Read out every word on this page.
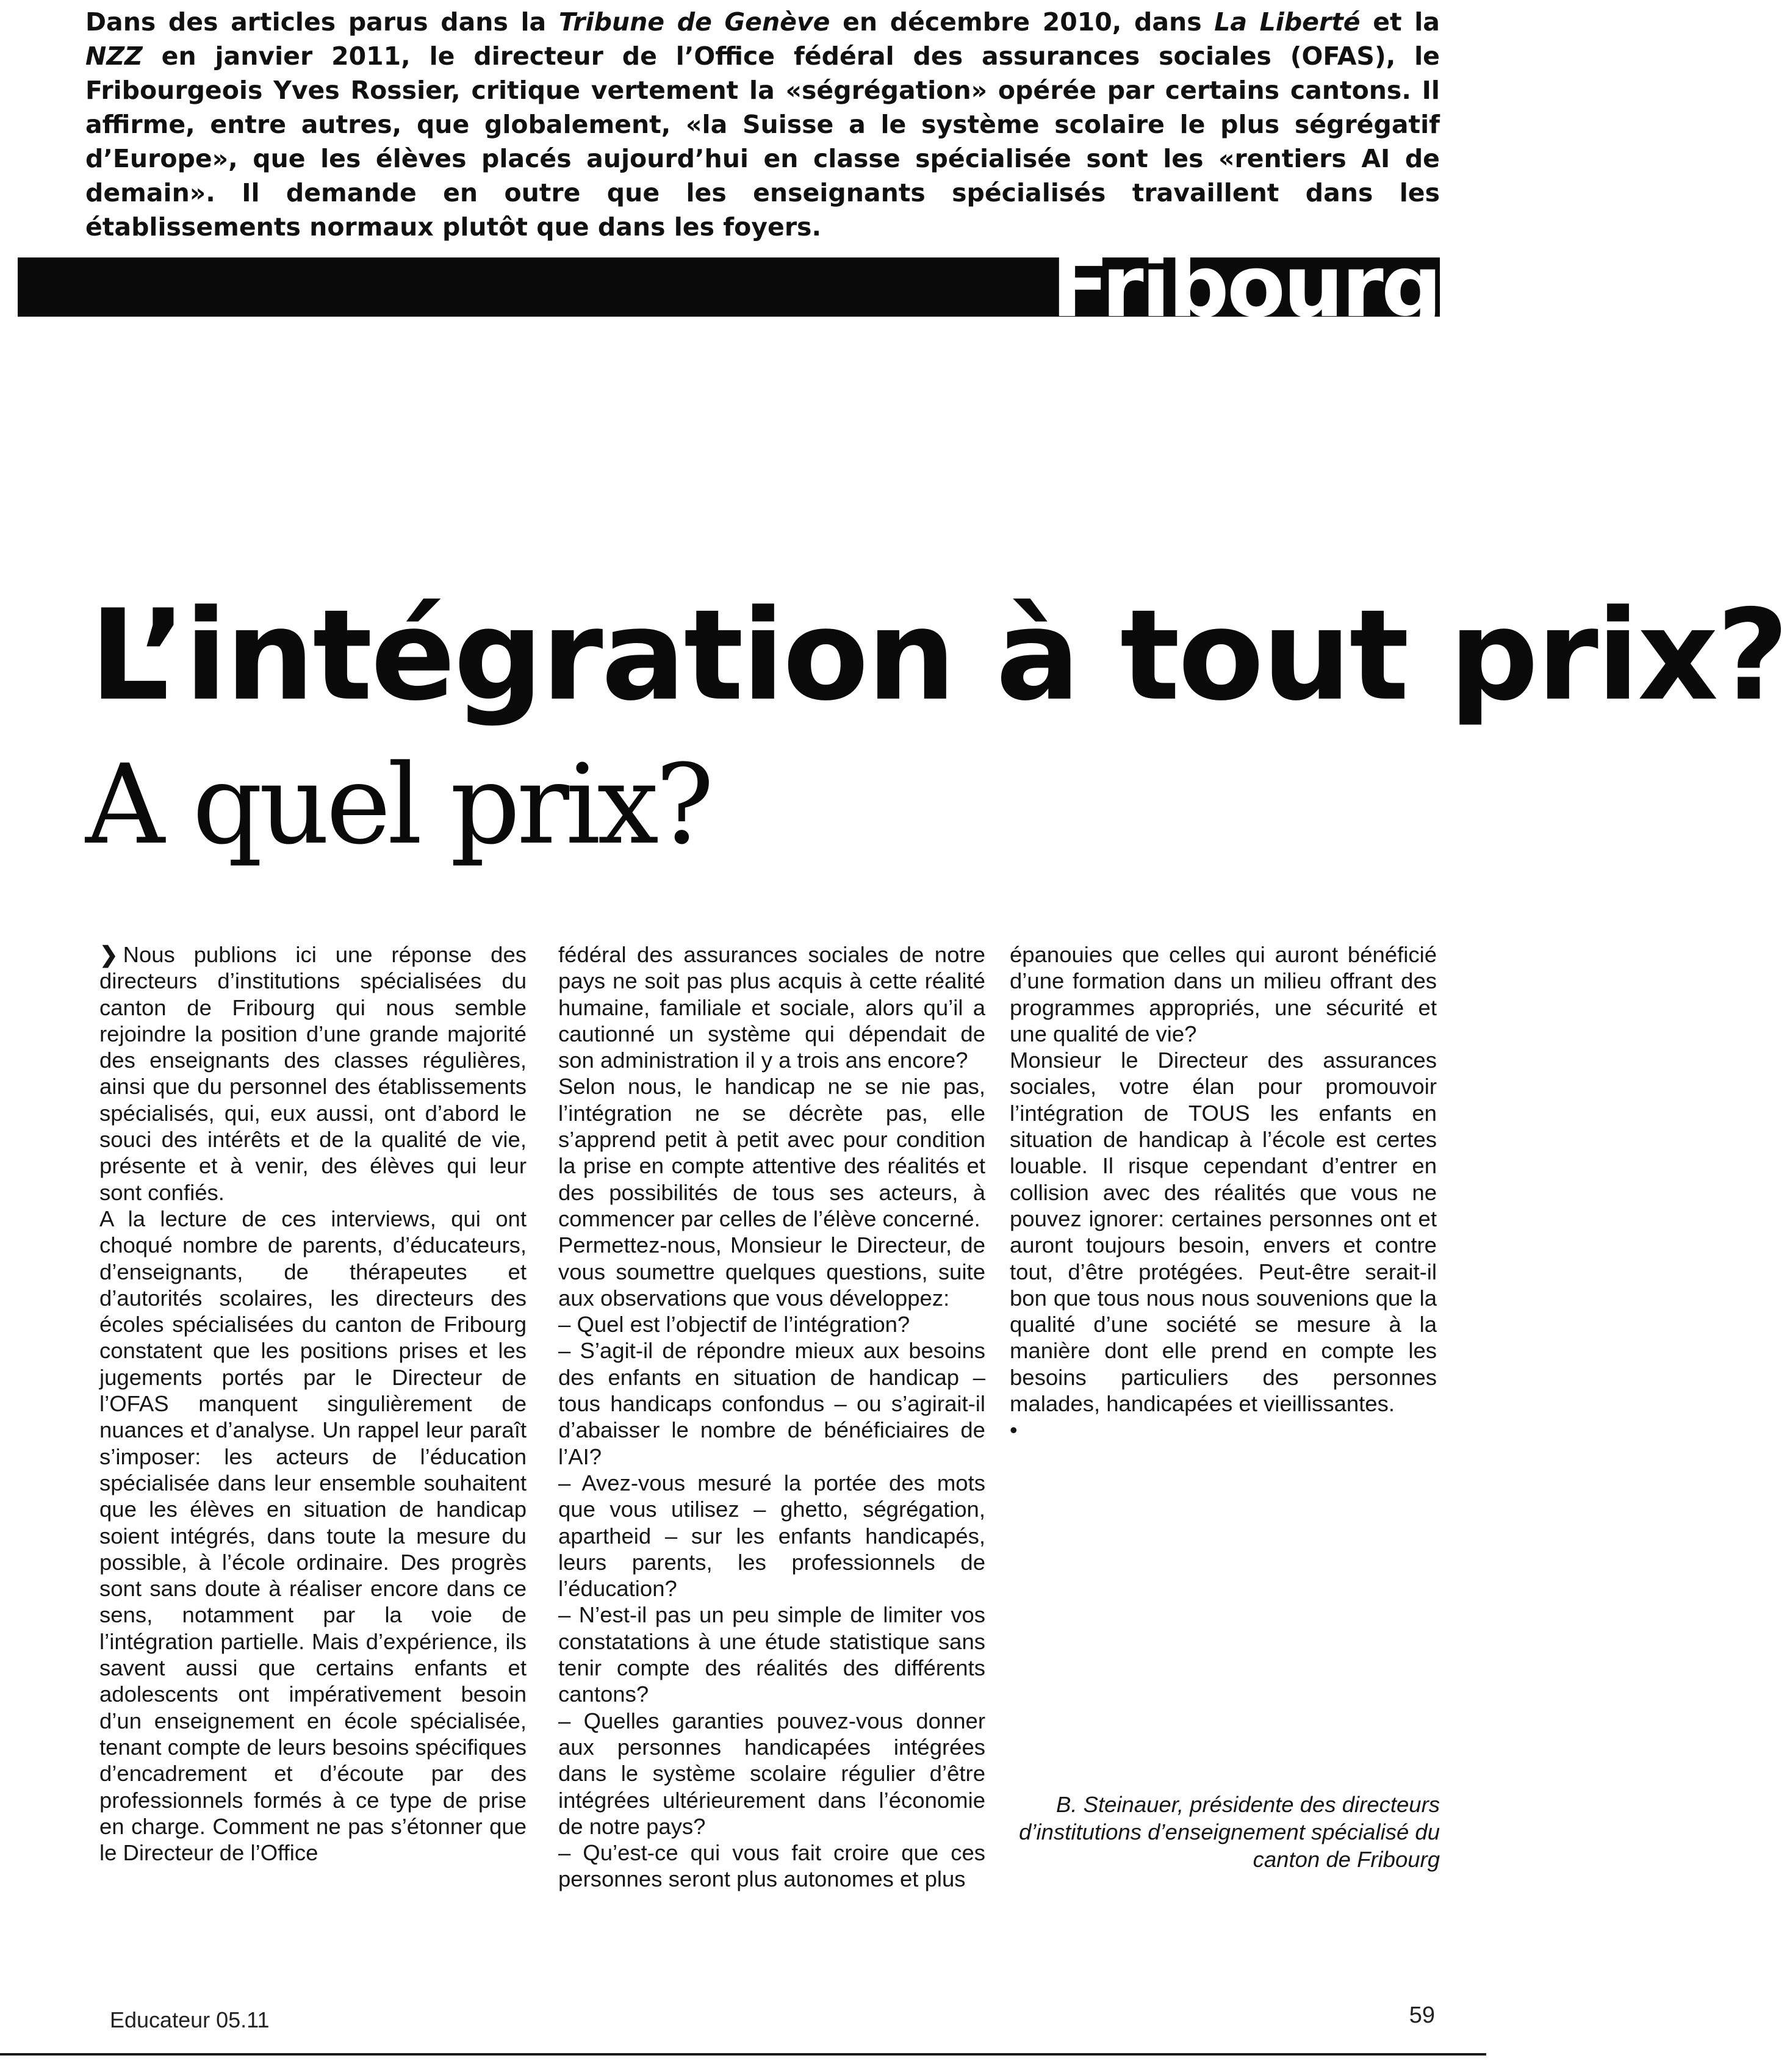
Dans des articles parus dans la Tribune de Genève en décembre 2010, dans La Liberté et la NZZ en janvier 2011, le directeur de l’Office fédéral des assurances sociales (OFAS), le Fribourgeois Yves Rossier, critique vertement la «ségrégation» opérée par certains cantons. Il affirme, entre autres, que globalement, «la Suisse a le système scolaire le plus ségrégatif d’Europe», que les élèves placés aujourd’hui en classe spécialisée sont les «rentiers AI de demain». Il demande en outre que les enseignants spécialisés travaillent dans les établissements normaux plutôt que dans les foyers.

Fribourg
L’intégration à tout prix?
A quel prix?

❯ Nous publions ici une réponse des directeurs d’institutions spécialisées du canton de Fribourg qui nous semble rejoindre la position d’une grande majorité des enseignants des classes régulières, ainsi que du personnel des établissements spécialisés, qui, eux aussi, ont d’abord le souci des intérêts et de la qualité de vie, présente et à venir, des élèves qui leur sont confiés.

A la lecture de ces interviews, qui ont choqué nombre de parents, d’éducateurs, d’enseignants, de thérapeutes et d’autorités scolaires, les directeurs des écoles spécialisées du canton de Fribourg constatent que les positions prises et les jugements portés par le Directeur de l’OFAS manquent singulièrement de nuances et d’analyse. Un rappel leur paraît s’imposer: les acteurs de l’éducation spécialisée dans leur ensemble souhaitent que les élèves en situation de handicap soient intégrés, dans toute la mesure du possible, à l’école ordinaire. Des progrès sont sans doute à réaliser encore dans ce sens, notamment par la voie de l’intégration partielle. Mais d’expérience, ils savent aussi que certains enfants et adolescents ont impérativement besoin d’un enseignement en école spécialisée, tenant compte de leurs besoins spécifiques d’encadrement et d’écoute par des professionnels formés à ce type de prise en charge. Comment ne pas s’étonner que le Directeur de l’Office

fédéral des assurances sociales de notre pays ne soit pas plus acquis à cette réalité humaine, familiale et sociale, alors qu’il a cautionné un système qui dépendait de son administration il y a trois ans encore?

Selon nous, le handicap ne se nie pas, l’intégration ne se décrète pas, elle s’apprend petit à petit avec pour condition la prise en compte attentive des réalités et des possibilités de tous ses acteurs, à commencer par celles de l’élève concerné.

Permettez-nous, Monsieur le Directeur, de vous soumettre quelques questions, suite aux observations que vous développez:

– Quel est l’objectif de l’intégration?

– S’agit-il de répondre mieux aux besoins des enfants en situation de handicap – tous handicaps confondus – ou s’agirait-il d’abaisser le nombre de bénéficiaires de l’AI?

– Avez-vous mesuré la portée des mots que vous utilisez – ghetto, ségrégation, apartheid – sur les enfants handicapés, leurs parents, les professionnels de l’éducation?

– N’est-il pas un peu simple de limiter vos constatations à une étude statistique sans tenir compte des réalités des différents cantons?

– Quelles garanties pouvez-vous donner aux personnes handicapées intégrées dans le système scolaire régulier d’être intégrées ultérieurement dans l’économie de notre pays?

– Qu’est-ce qui vous fait croire que ces personnes seront plus autonomes et plus

épanouies que celles qui auront bénéficié d’une formation dans un milieu offrant des programmes appropriés, une sécurité et une qualité de vie?

Monsieur le Directeur des assurances sociales, votre élan pour promouvoir l’intégration de TOUS les enfants en situation de handicap à l’école est certes louable. Il risque cependant d’entrer en collision avec des réalités que vous ne pouvez ignorer: certaines personnes ont et auront toujours besoin, envers et contre tout, d’être protégées. Peut-être serait-il bon que tous nous nous souvenions que la qualité d’une société se mesure à la manière dont elle prend en compte les besoins particuliers des personnes malades, handicapées et vieillissantes.

•

B. Steinauer, présidente des directeurs d’institutions d’enseignement spécialisé du canton de Fribourg
Educateur 05.11	59
